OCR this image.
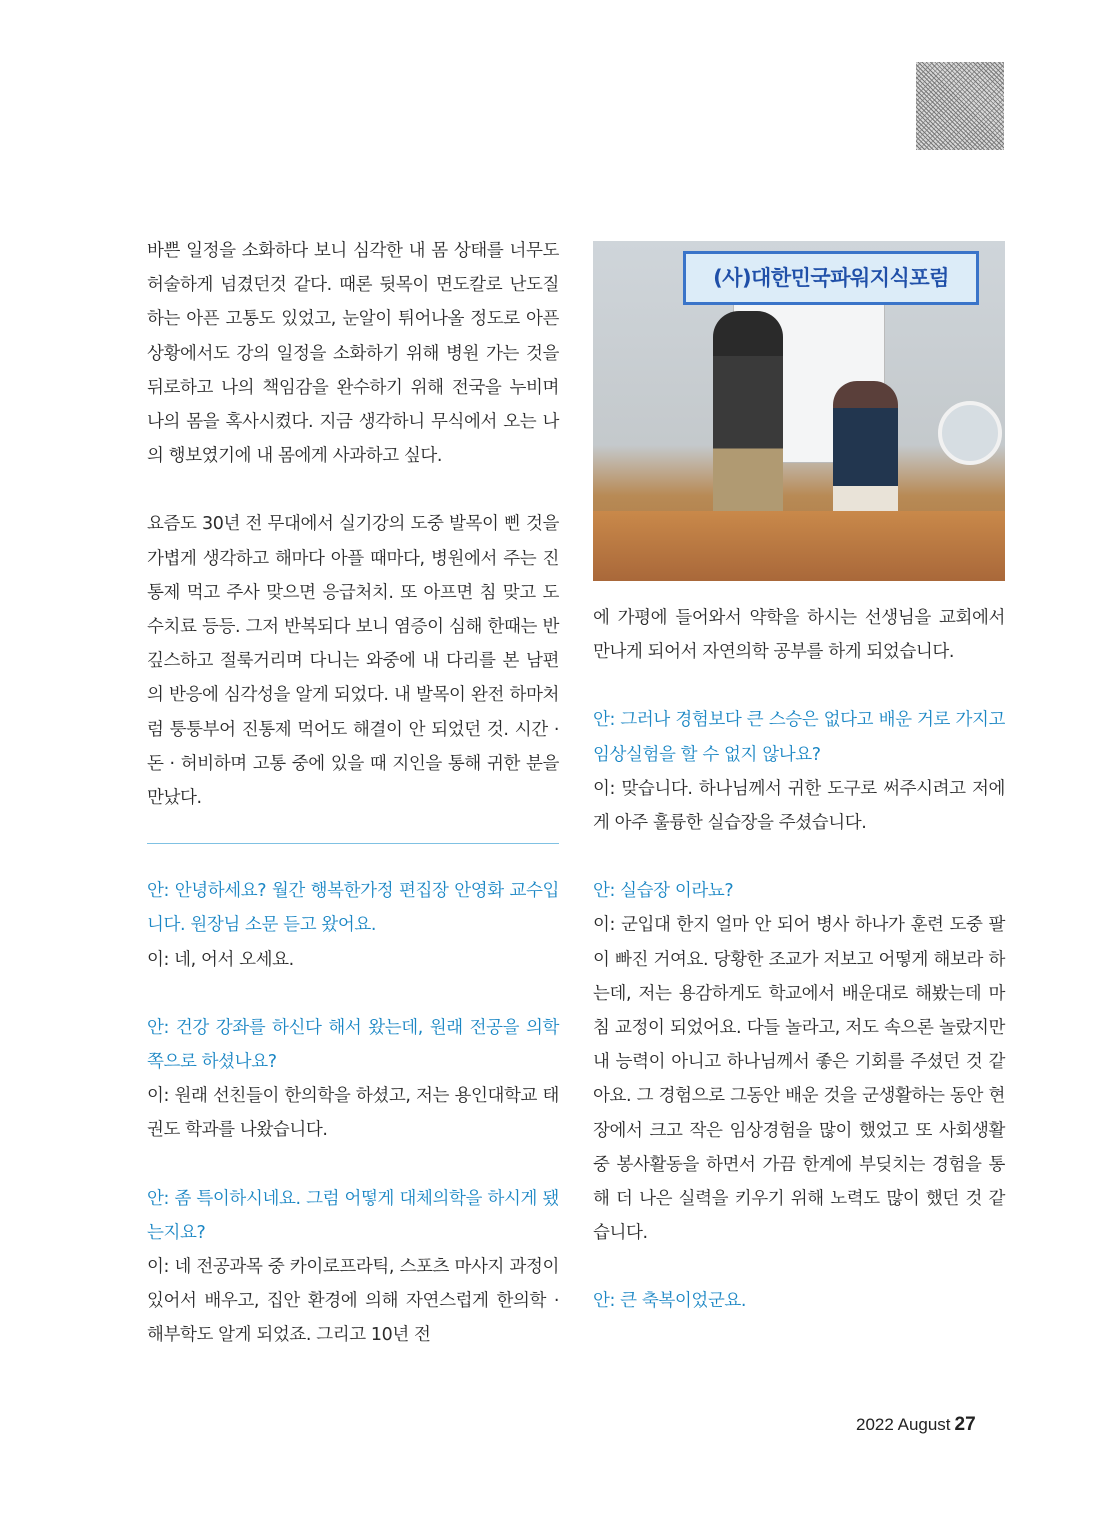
바쁜 일정을 소화하다 보니 심각한 내 몸 상태를 너무도 허술하게 넘겼던것 같다. 때론 뒷목이 면도칼로 난도질하는 아픈 고통도 있었고, 눈알이 튀어나올 정도로 아픈 상황에서도 강의 일정을 소화하기 위해 병원 가는 것을 뒤로하고 나의 책임감을 완수하기 위해 전국을 누비며 나의 몸을 혹사시켰다. 지금 생각하니 무식에서 오는 나의 행보였기에 내 몸에게 사과하고 싶다.

요즘도 30년 전 무대에서 실기강의 도중 발목이 삔 것을 가볍게 생각하고 해마다 아플 때마다, 병원에서 주는 진통제 먹고 주사 맞으면 응급처치. 또 아프면 침 맞고 도수치료 등등. 그저 반복되다 보니 염증이 심해 한때는 반 깊스하고 절룩거리며 다니는 와중에 내 다리를 본 남편의 반응에 심각성을 알게 되었다. 내 발목이 완전 하마처럼 퉁퉁부어 진통제 먹어도 해결이 안 되었던 것. 시간 · 돈 · 허비하며 고통 중에 있을 때 지인을 통해 귀한 분을 만났다.

안: 안녕하세요? 월간 행복한가정 편집장 안영화 교수입니다. 원장님 소문 듣고 왔어요.

이: 네, 어서 오세요.

안: 건강 강좌를 하신다 해서 왔는데, 원래 전공을 의학 쪽으로 하셨나요?

이: 원래 선친들이 한의학을 하셨고, 저는 용인대학교 태권도 학과를 나왔습니다.

안: 좀 특이하시네요. 그럼 어떻게 대체의학을 하시게 됐는지요?

이: 네 전공과목 중 카이로프라틱, 스포츠 마사지 과정이 있어서 배우고, 집안 환경에 의해 자연스럽게 한의학 · 해부학도 알게 되었죠. 그리고 10년 전

(사)대한민국파워지식포럼

에 가평에 들어와서 약학을 하시는 선생님을 교회에서 만나게 되어서 자연의학 공부를 하게 되었습니다.

안: 그러나 경험보다 큰 스승은 없다고 배운 거로 가지고 임상실험을 할 수 없지 않나요?

이: 맞습니다. 하나님께서 귀한 도구로 써주시려고 저에게 아주 훌륭한 실습장을 주셨습니다.

안: 실습장 이라뇨?

이: 군입대 한지 얼마 안 되어 병사 하나가 훈련 도중 팔이 빠진 거여요. 당황한 조교가 저보고 어떻게 해보라 하는데, 저는 용감하게도 학교에서 배운대로 해봤는데 마침 교정이 되었어요. 다들 놀라고, 저도 속으론 놀랐지만 내 능력이 아니고 하나님께서 좋은 기회를 주셨던 것 같아요. 그 경험으로 그동안 배운 것을 군생활하는 동안 현장에서 크고 작은 임상경험을 많이 했었고 또 사회생활 중 봉사활동을 하면서 가끔 한계에 부딪치는 경험을 통해 더 나은 실력을 키우기 위해 노력도 많이 했던 것 같습니다.

안: 큰 축복이었군요.

2022 August 27
